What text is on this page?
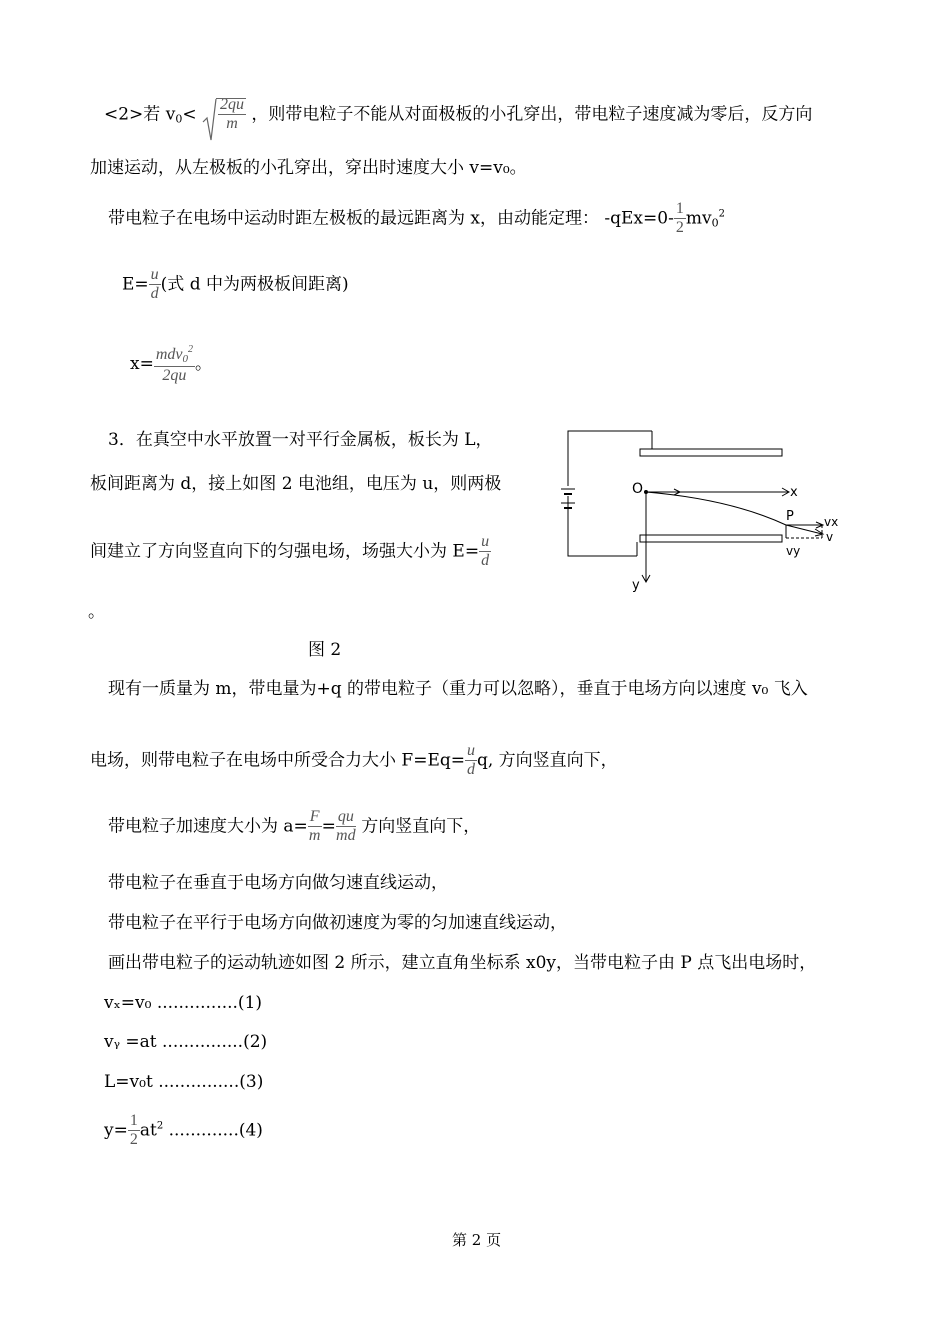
<2>若 $v_0< \frac{2qu}{m}$ ，则带电粒子不能从对面极板的小孔穿出，带电粒子速度减为零后，反方向
加速运动，从左极板的小孔穿出，穿出时速度大小 v=v₀。
带电粒子在电场中运动时距左极板的最远距离为 x，由动能定理： $-qEx=0- \frac{1}{2} mv_0^2$
$E= \frac{u}{d}$ (式 d 中为两极板间距离)
$x= \frac{mdv_0^2}{2qu}$ 。
3．在真空中水平放置一对平行金属板，板长为 L，
板间距离为 d，接上如图 2 电池组，电压为 u，则两极
间建立了方向竖直向下的匀强电场，场强大小为 $E= \frac{u}{d}$
。
O	x
y
P	vx
v
vy
图 2
现有一质量为 m，带电量为+q 的带电粒子（重力可以忽略），垂直于电场方向以速度 v₀ 飞入
电场，则带电粒子在电场中所受合力大小 $F=Eq= \frac{u}{d} q$, 方向竖直向下，
带电粒子加速度大小为 $a= \frac{F}{m} = \frac{qu}{md}$ 方向竖直向下，
带电粒子在垂直于电场方向做匀速直线运动，
带电粒子在平行于电场方向做初速度为零的匀加速直线运动，
画出带电粒子的运动轨迹如图 2 所示，建立直角坐标系 x0y，当带电粒子由 P 点飞出电场时，
vₓ=v₀ ...............(1)
vᵧ =at ...............(2)
L=v₀t ...............(3)
$y= \frac{1}{2} at^2$ .............(4)
第 2 页
